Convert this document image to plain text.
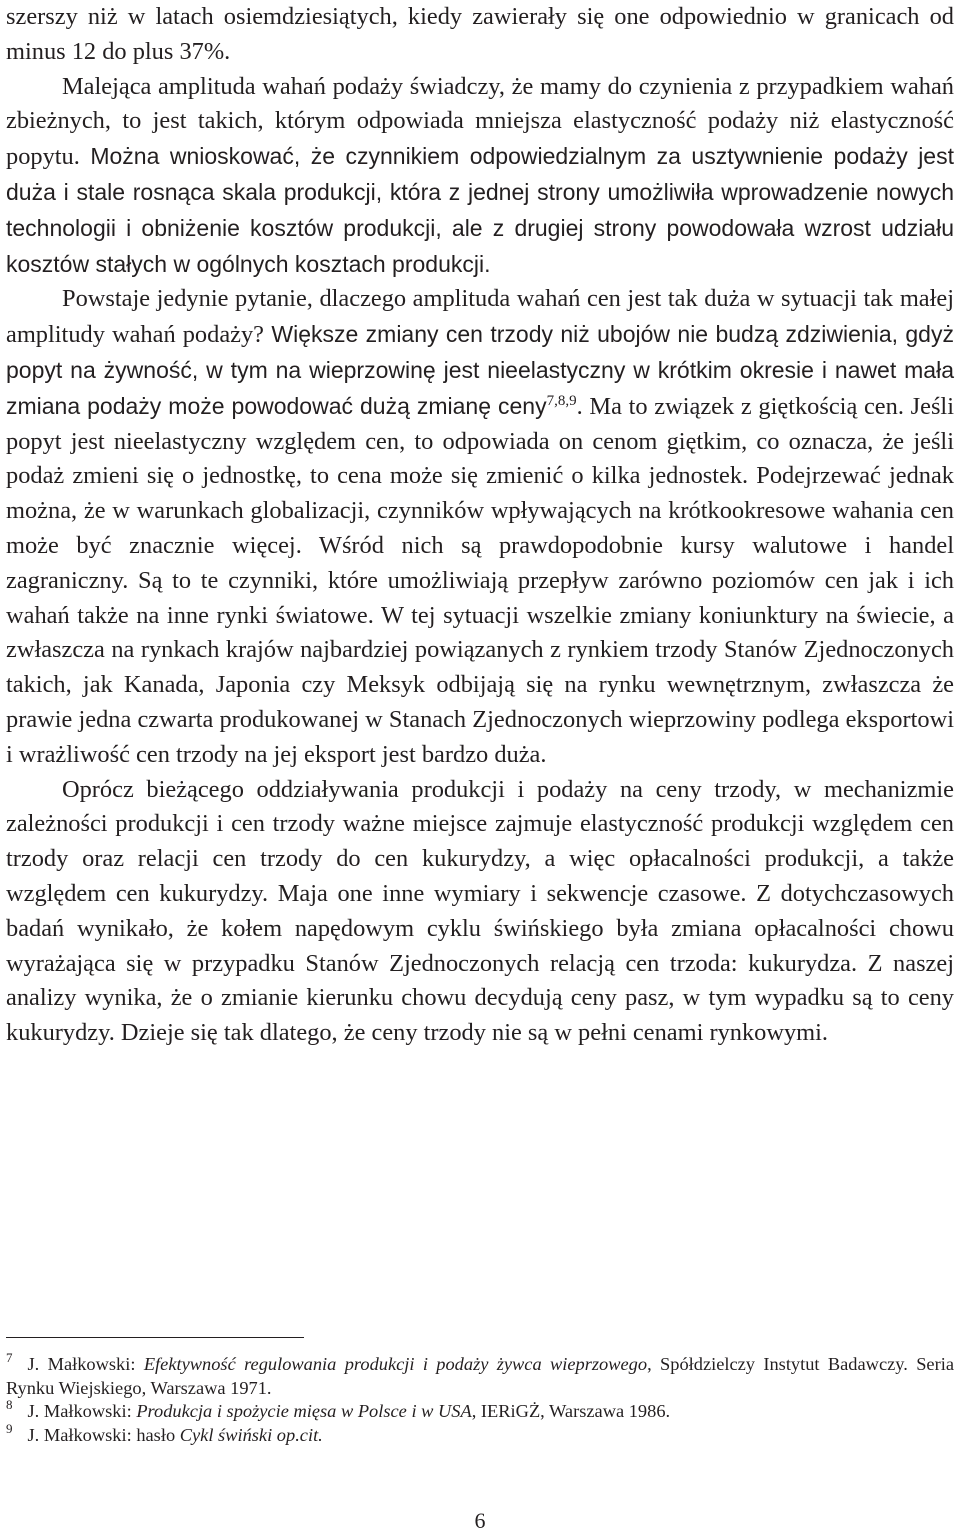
szerszy niż w latach osiemdziesiątych, kiedy zawierały się one odpowiednio w granicach od minus 12 do plus 37%.

Malejąca amplituda wahań podaży świadczy, że mamy do czynienia z przypadkiem wahań zbieżnych, to jest takich, którym odpowiada mniejsza elastyczność podaży niż elastyczność popytu. Można wnioskować, że czynnikiem odpowiedzialnym za usztywnienie podaży jest duża i stale rosnąca skala produkcji, która z jednej strony umożliwiła wprowadzenie nowych technologii i obniżenie kosztów produkcji, ale z drugiej strony powodowała wzrost udziału kosztów stałych w ogólnych kosztach produkcji.

Powstaje jedynie pytanie, dlaczego amplituda wahań cen jest tak duża w sytuacji tak małej amplitudy wahań podaży? Większe zmiany cen trzody niż ubojów nie budzą zdziwienia, gdyż popyt na żywność, w tym na wieprzowinę jest nieelastyczny w krótkim okresie i nawet mała zmiana podaży może powodować dużą zmianę ceny$^{7,8,9}$. Ma to związek z giętkością cen. Jeśli popyt jest nieelastyczny względem cen, to odpowiada on cenom giętkim, co oznacza, że jeśli podaż zmieni się o jednostkę, to cena może się zmienić o kilka jednostek. Podejrzewać jednak można, że w warunkach globalizacji, czynników wpływających na krótkookresowe wahania cen może być znacznie więcej. Wśród nich są prawdopodobnie kursy walutowe i handel zagraniczny. Są to te czynniki, które umożliwiają przepływ zarówno poziomów cen jak i ich wahań także na inne rynki światowe. W tej sytuacji wszelkie zmiany koniunktury na świecie, a zwłaszcza na rynkach krajów najbardziej powiązanych z rynkiem trzody Stanów Zjednoczonych takich, jak Kanada, Japonia czy Meksyk odbijają się na rynku wewnętrznym, zwłaszcza że prawie jedna czwarta produkowanej w Stanach Zjednoczonych wieprzowiny podlega eksportowi i wrażliwość cen trzody na jej eksport jest bardzo duża.

Oprócz bieżącego oddziaływania produkcji i podaży na ceny trzody, w mechanizmie zależności produkcji i cen trzody ważne miejsce zajmuje elastyczność produkcji względem cen trzody oraz relacji cen trzody do cen kukurydzy, a więc opłacalności produkcji, a także względem cen kukurydzy. Maja one inne wymiary i sekwencje czasowe. Z dotychczasowych badań wynikało, że kołem napędowym cyklu świńskiego była zmiana opłacalności chowu wyrażająca się w przypadku Stanów Zjednoczonych relacją cen trzoda: kukurydza. Z naszej analizy wynika, że o zmianie kierunku chowu decydują ceny pasz, w tym wypadku są to ceny kukurydzy. Dzieje się tak dlatego, że ceny trzody nie są w pełni cenami rynkowymi.

$^7$ J. Małkowski: Efektywność regulowania produkcji i podaży żywca wieprzowego, Spółdzielczy Instytut Badawczy. Seria Rynku Wiejskiego, Warszawa 1971.

$^8$ J. Małkowski: Produkcja i spożycie mięsa w Polsce i w USA, IERiGŻ, Warszawa 1986.

$^9$ J. Małkowski: hasło Cykl świński op.cit.

6
